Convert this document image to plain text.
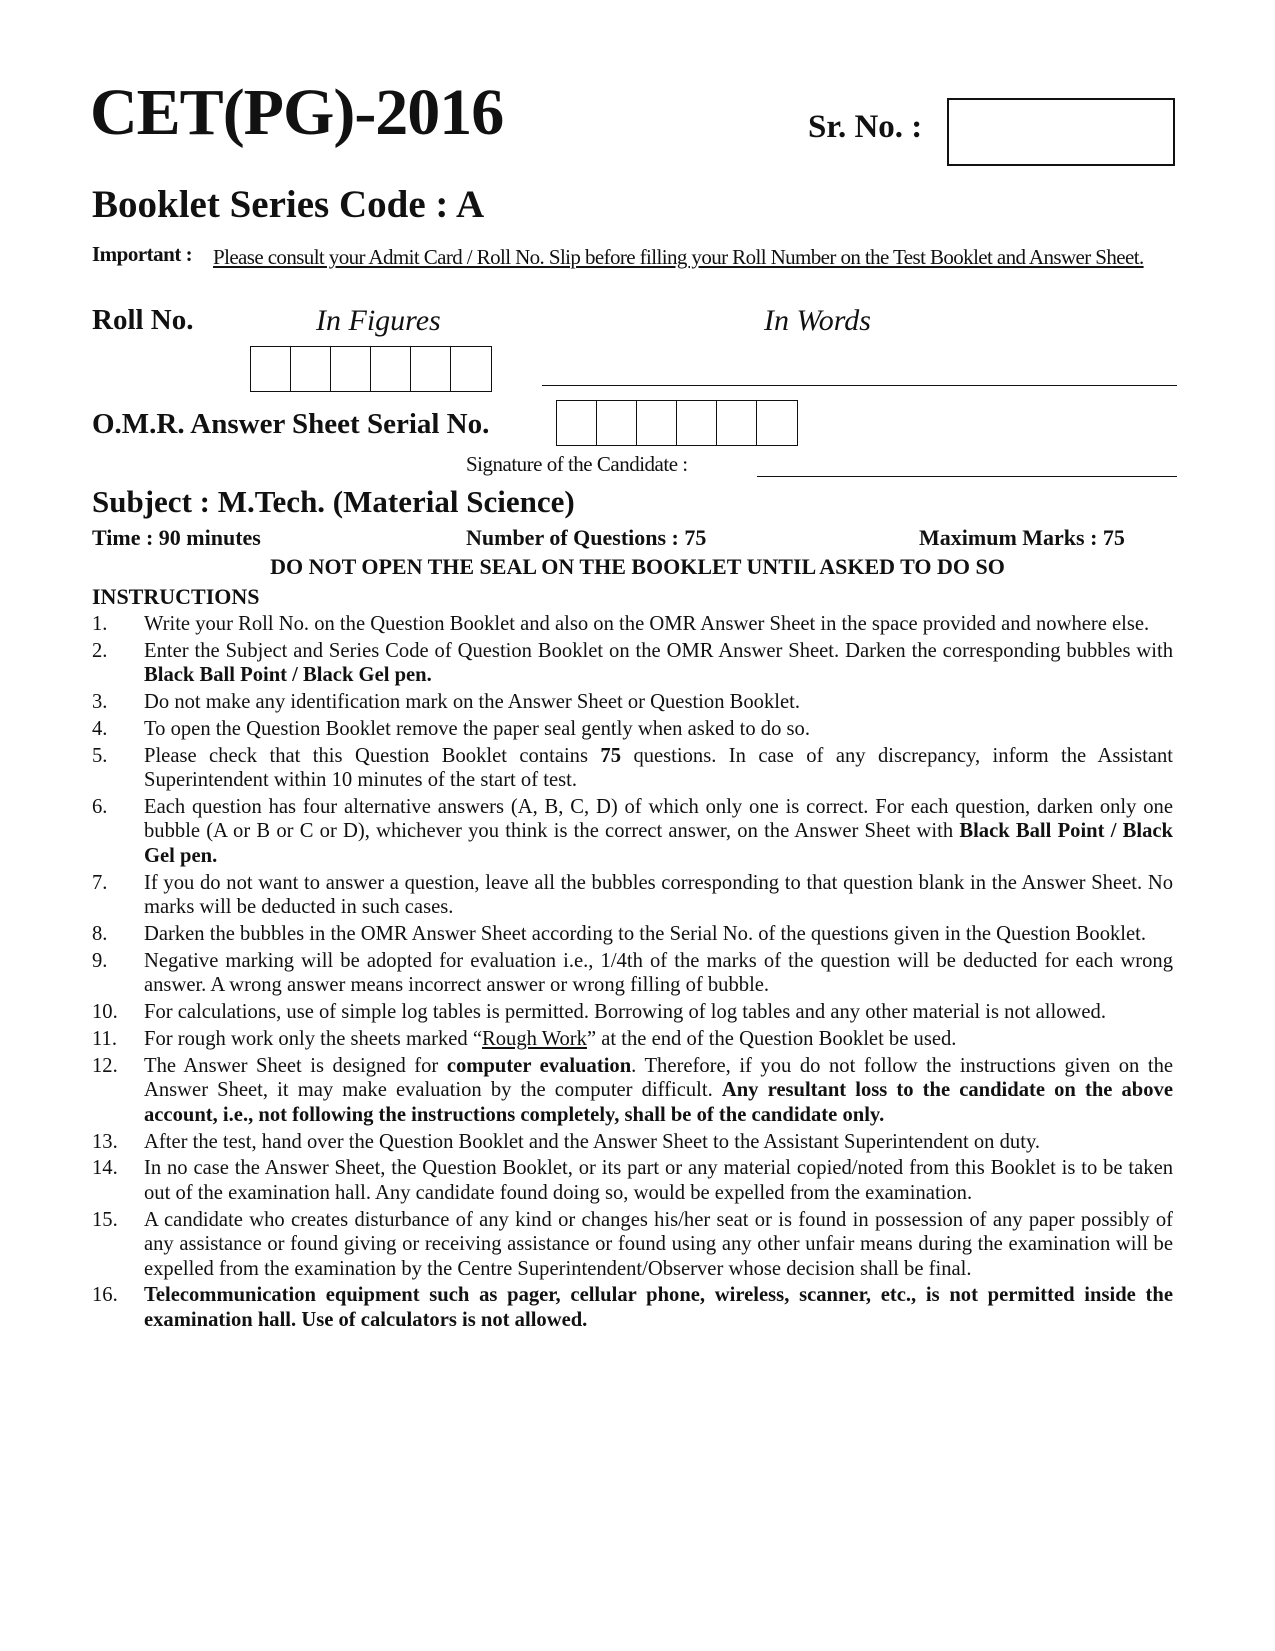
CET(PG)-2016	Sr. No. :
Booklet Series Code : A
Important : Please consult your Admit Card / Roll No. Slip before filling your Roll Number on the Test Booklet and Answer Sheet.
Roll No.	In Figures	In Words
O.M.R. Answer Sheet Serial No.
Signature of the Candidate :
Subject : M.Tech. (Material Science)
Time : 90 minutes	Number of Questions : 75	Maximum Marks : 75
DO NOT OPEN THE SEAL ON THE BOOKLET UNTIL ASKED TO DO SO
INSTRUCTIONS
1.	Write your Roll No. on the Question Booklet and also on the OMR Answer Sheet in the space provided and nowhere else.
2.	Enter the Subject and Series Code of Question Booklet on the OMR Answer Sheet. Darken the corresponding bubbles with Black Ball Point / Black Gel pen.
3.	Do not make any identification mark on the Answer Sheet or Question Booklet.
4.	To open the Question Booklet remove the paper seal gently when asked to do so.
5.	Please check that this Question Booklet contains 75 questions. In case of any discrepancy, inform the Assistant Superintendent within 10 minutes of the start of test.
6.	Each question has four alternative answers (A, B, C, D) of which only one is correct. For each question, darken only one bubble (A or B or C or D), whichever you think is the correct answer, on the Answer Sheet with Black Ball Point / Black Gel pen.
7.	If you do not want to answer a question, leave all the bubbles corresponding to that question blank in the Answer Sheet. No marks will be deducted in such cases.
8.	Darken the bubbles in the OMR Answer Sheet according to the Serial No. of the questions given in the Question Booklet.
9.	Negative marking will be adopted for evaluation i.e., 1/4th of the marks of the question will be deducted for each wrong answer. A wrong answer means incorrect answer or wrong filling of bubble.
10.	For calculations, use of simple log tables is permitted. Borrowing of log tables and any other material is not allowed.
11.	For rough work only the sheets marked “Rough Work” at the end of the Question Booklet be used.
12.	The Answer Sheet is designed for computer evaluation. Therefore, if you do not follow the instructions given on the Answer Sheet, it may make evaluation by the computer difficult. Any resultant loss to the candidate on the above account, i.e., not following the instructions completely, shall be of the candidate only.
13.	After the test, hand over the Question Booklet and the Answer Sheet to the Assistant Superintendent on duty.
14.	In no case the Answer Sheet, the Question Booklet, or its part or any material copied/noted from this Booklet is to be taken out of the examination hall. Any candidate found doing so, would be expelled from the examination.
15.	A candidate who creates disturbance of any kind or changes his/her seat or is found in possession of any paper possibly of any assistance or found giving or receiving assistance or found using any other unfair means during the examination will be expelled from the examination by the Centre Superintendent/Observer whose decision shall be final.
16.	Telecommunication equipment such as pager, cellular phone, wireless, scanner, etc., is not permitted inside the examination hall. Use of calculators is not allowed.
